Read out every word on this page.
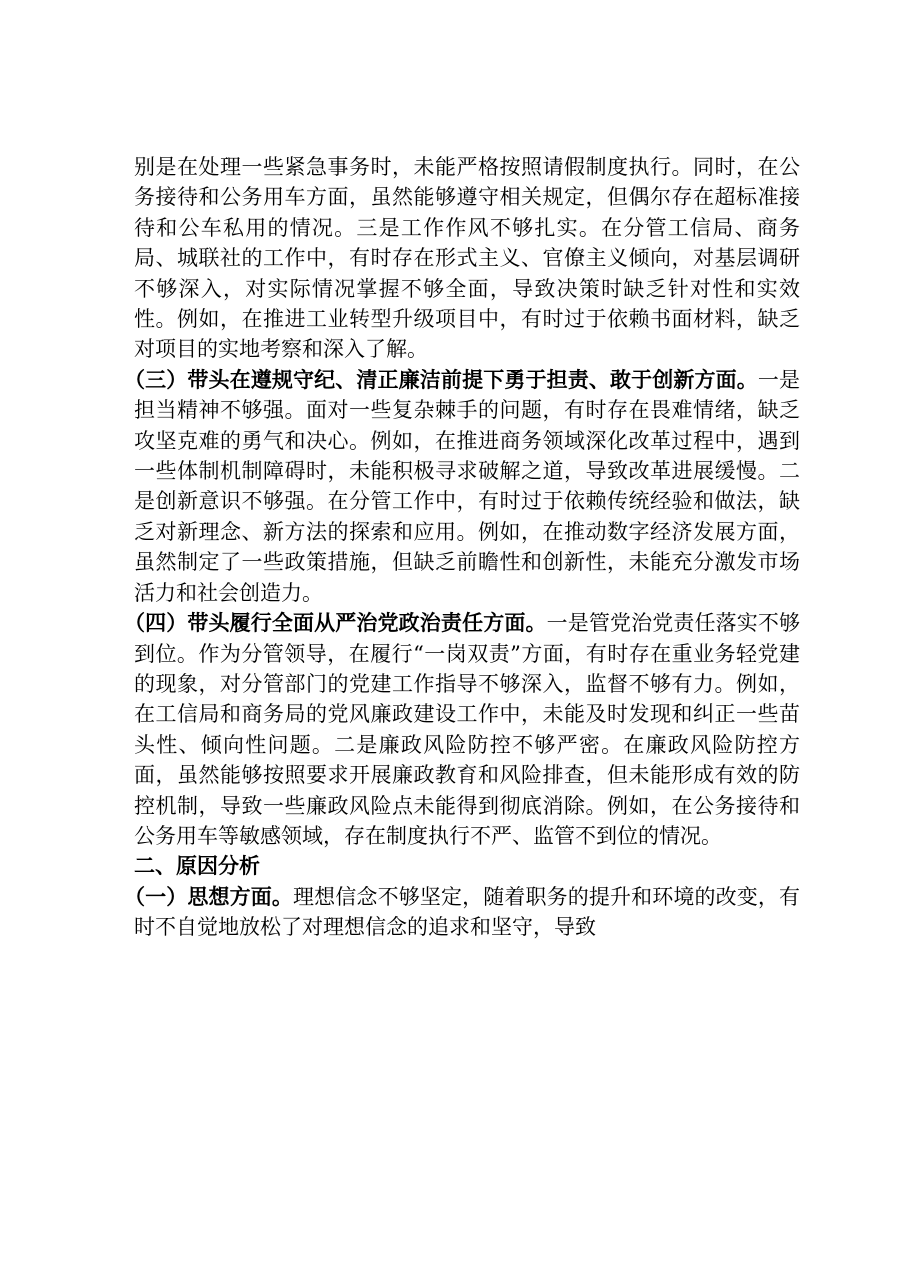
别是在处理一些紧急事务时，未能严格按照请假制度执行。同时，在公务接待和公务用车方面，虽然能够遵守相关规定，但偶尔存在超标准接待和公车私用的情况。三是工作作风不够扎实。在分管工信局、商务局、城联社的工作中，有时存在形式主义、官僚主义倾向，对基层调研不够深入，对实际情况掌握不够全面，导致决策时缺乏针对性和实效性。例如，在推进工业转型升级项目中，有时过于依赖书面材料，缺乏对项目的实地考察和深入了解。

（三）带头在遵规守纪、清正廉洁前提下勇于担责、敢于创新方面。一是担当精神不够强。面对一些复杂棘手的问题，有时存在畏难情绪，缺乏攻坚克难的勇气和决心。例如，在推进商务领域深化改革过程中，遇到一些体制机制障碍时，未能积极寻求破解之道，导致改革进展缓慢。二是创新意识不够强。在分管工作中，有时过于依赖传统经验和做法，缺乏对新理念、新方法的探索和应用。例如，在推动数字经济发展方面，虽然制定了一些政策措施，但缺乏前瞻性和创新性，未能充分激发市场活力和社会创造力。

（四）带头履行全面从严治党政治责任方面。一是管党治党责任落实不够到位。作为分管领导，在履行“一岗双责”方面，有时存在重业务轻党建的现象，对分管部门的党建工作指导不够深入，监督不够有力。例如，在工信局和商务局的党风廉政建设工作中，未能及时发现和纠正一些苗头性、倾向性问题。二是廉政风险防控不够严密。在廉政风险防控方面，虽然能够按照要求开展廉政教育和风险排查，但未能形成有效的防控机制，导致一些廉政风险点未能得到彻底消除。例如，在公务接待和公务用车等敏感领域，存在制度执行不严、监管不到位的情况。

二、原因分析

（一）思想方面。理想信念不够坚定，随着职务的提升和环境的改变，有时不自觉地放松了对理想信念的追求和坚守，导致
